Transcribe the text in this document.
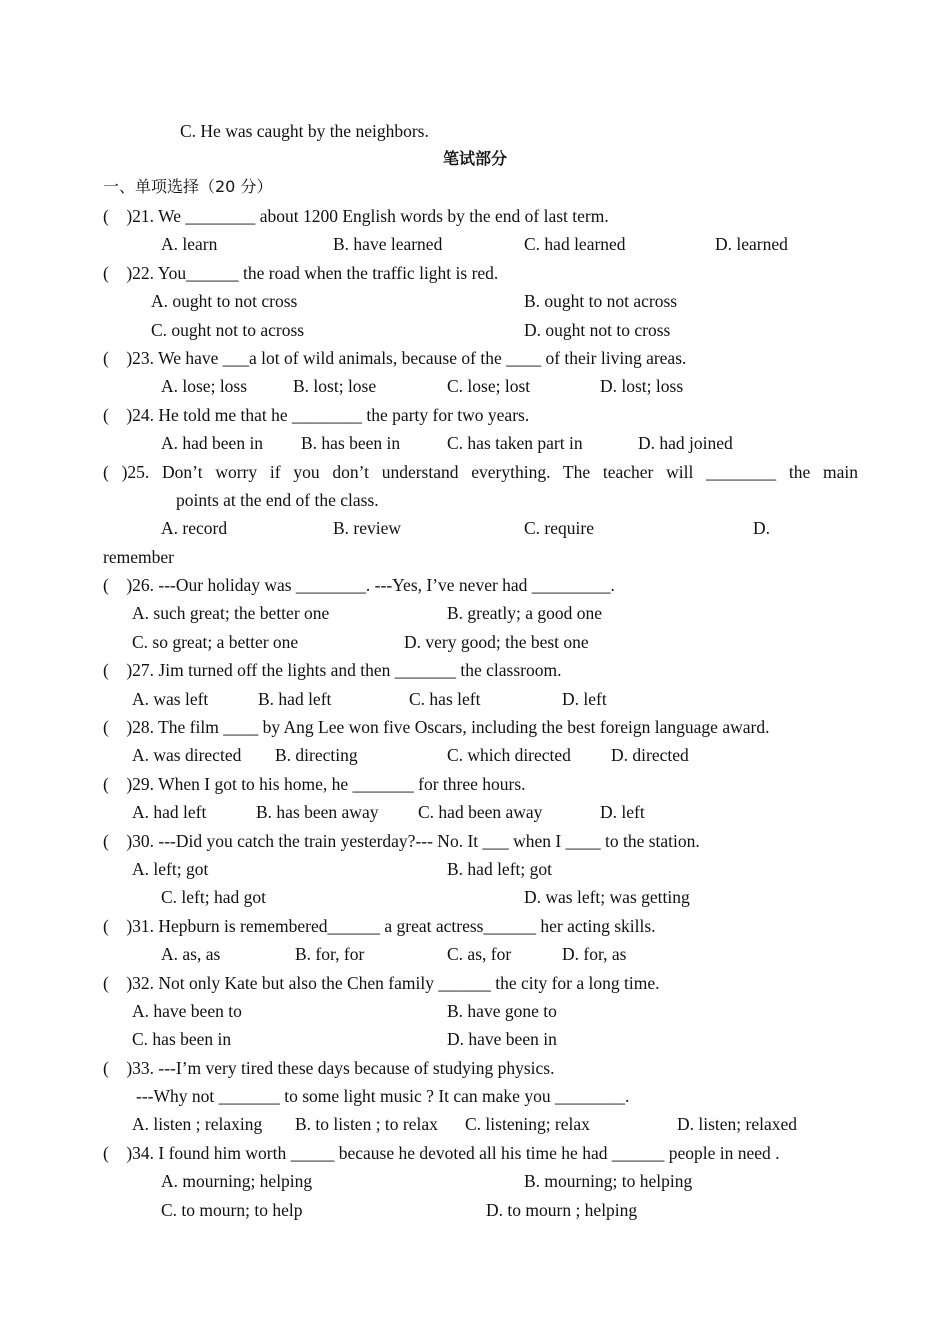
C. He was caught by the neighbors.
笔试部分
一、单项选择（20 分）
(    )21. We ________ about 1200 English words by the end of last term.
A. learn	B. have learned	C. had learned	D. learned
(    )22. You______ the road when the traffic light is red.
A. ought to not cross	B. ought to not across
C. ought not to across	D. ought not to cross
(    )23. We have ___a lot of wild animals, because of the ____ of their living areas.
A. lose; loss	B. lost; lose	C. lose; lost	D. lost; loss
(    )24. He told me that he ________ the party for two years.
A. had been in B. has been in	C. has taken part in	D. had joined
( )25. Don’t worry if you don’t understand everything. The teacher will ________ the main
points at the end of the class.
A. record	B. review	C. require	D.
remember
(    )26. ---Our holiday was ________. ---Yes, I’ve never had _________.
A. such great; the better one	B. greatly; a good one
C. so great; a better one	D. very good; the best one
(    )27. Jim turned off the lights and then _______ the classroom.
A. was left	B. had left	C. has left	D. left
(    )28. The film ____ by Ang Lee won five Oscars, including the best foreign language award.
A. was directed B. directing	C. which directed D. directed
(    )29. When I got to his home, he _______ for three hours.
A. had left	B. has been away C. had been away	D. left
(    )30. ---Did you catch the train yesterday?--- No. It ___ when I ____ to the station.
A. left; got	B. had left; got
C. left; had got	D. was left; was getting
(    )31. Hepburn is remembered______ a great actress______ her acting skills.
A. as, as	B. for, for	C. as, for	D. for, as
(    )32. Not only Kate but also the Chen family ______ the city for a long time.
A. have been to	B. have gone to
C. has been in	D. have been in
(    )33. ---I’m very tired these days because of studying physics.
---Why not _______ to some light music ? It can make you ________.
A. listen ; relaxing B. to listen ; to relax C. listening; relax	D. listen; relaxed
(    )34. I found him worth _____ because he devoted all his time he had ______ people in need .
A. mourning; helping	B. mourning; to helping
C. to mourn; to help	D. to mourn ; helping
